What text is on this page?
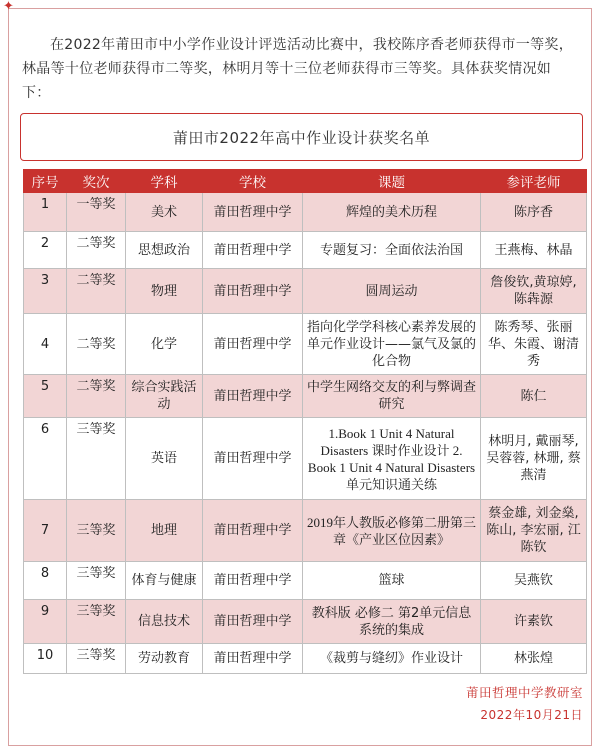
✦

在2022年莆田市中小学作业设计评选活动比赛中，我校陈序香老师获得市一等奖，林晶等十位老师获得市二等奖，林明月等十三位老师获得市三等奖。具体获奖情况如下：

莆田市2022年高中作业设计获奖名单
序号	奖次	学科	学校	课题	参评老师
1	一等奖	美术	莆田哲理中学	辉煌的美术历程	陈序香
2	二等奖	思想政治	莆田哲理中学	专题复习：全面依法治国	王燕梅、林晶
3	二等奖	物理	莆田哲理中学	圆周运动	詹俊钦,黄琼婷,陈犇源
4	二等奖	化学	莆田哲理中学	指向化学学科核心素养发展的单元作业设计——氯气及氯的化合物	陈秀琴、张丽华、朱霞、谢清秀
5	二等奖	综合实践活动	莆田哲理中学	中学生网络交友的利与弊调查研究	陈仁
6	三等奖	英语	莆田哲理中学	1.Book 1 Unit 4 Natural Disasters 课时作业设计 2. Book 1 Unit 4 Natural Disasters 单元知识通关练	林明月, 戴丽琴, 吴蓉蓉, 林珊, 蔡燕清
7	三等奖	地理	莆田哲理中学	2019年人教版必修第二册第三章《产业区位因素》	蔡金雄, 刘金燊, 陈山, 李宏丽, 江陈钦
8	三等奖	体育与健康	莆田哲理中学	篮球	吴燕钦
9	三等奖	信息技术	莆田哲理中学	教科版 必修二 第2单元信息系统的集成	许素钦
10	三等奖	劳动教育	莆田哲理中学	《裁剪与缝纫》作业设计	林张煌
莆田哲理中学教研室
2022年10月21日
